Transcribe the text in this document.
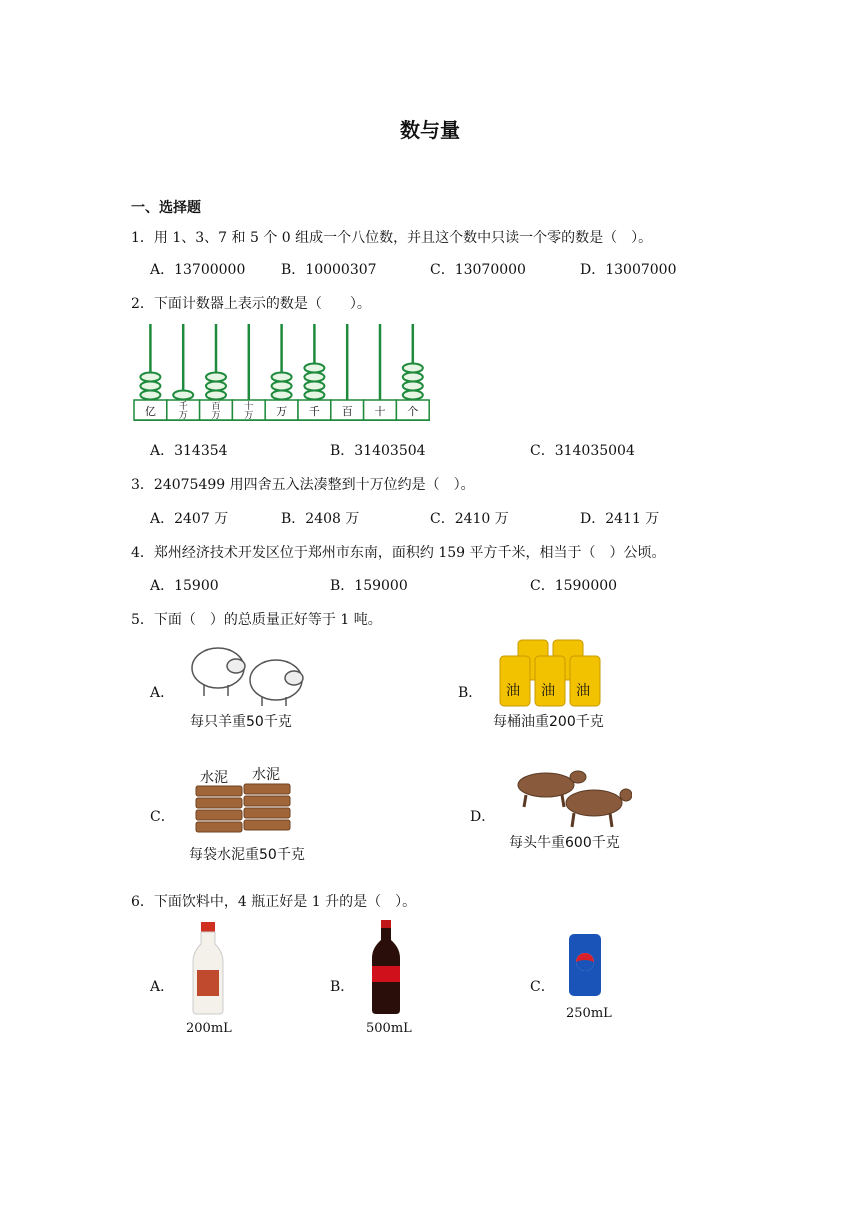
数与量
一、选择题
1．用 1、3、7 和 5 个 0 组成一个八位数，并且这个数中只读一个零的数是（　）。
A．13700000	B．10000307	C．13070000	D．13007000
2．下面计数器上表示的数是（　　）。
亿	千
万
百
万
十
万 万 千 百 十 个
A．314354	B．31403504	C．314035004
3．24075499 用四舍五入法凑整到十万位约是（　）。
A．2407 万	B．2408 万	C．2410 万	D．2411 万
4．郑州经济技术开发区位于郑州市东南，面积约 159 平方千米，相当于（　）公顷。
A．15900	B．159000	C．1590000
5．下面（　）的总质量正好等于 1 吨。
A．
每只羊重50千克
B． 油 油 油
每桶油重200千克
C．
水泥 水泥
每袋水泥重50千克
D．
每头牛重600千克
6．下面饮料中，4 瓶正好是 1 升的是（　）。
A．
200mL
B．
500mL
C．
250mL
